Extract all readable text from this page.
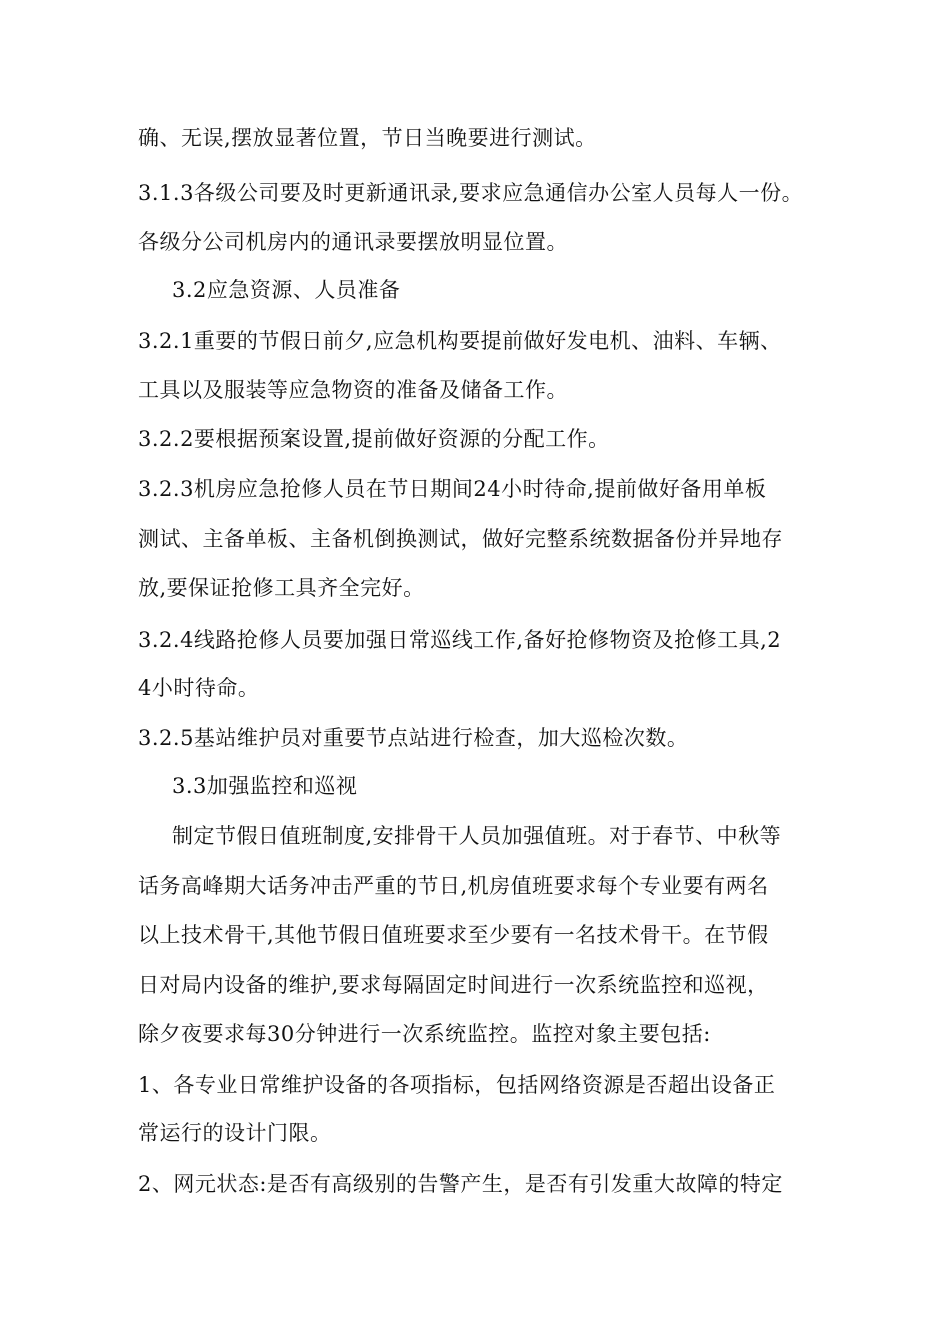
确、无误,摆放显著位置，节日当晚要进行测试。
3.1.3各级公司要及时更新通讯录,要求应急通信办公室人员每人一份。
各级分公司机房内的通讯录要摆放明显位置。
3.2应急资源、人员准备
3.2.1重要的节假日前夕,应急机构要提前做好发电机、油料、车辆、
工具以及服装等应急物资的准备及储备工作。
3.2.2要根据预案设置,提前做好资源的分配工作。
3.2.3机房应急抢修人员在节日期间24小时待命,提前做好备用单板
测试、主备单板、主备机倒换测试，做好完整系统数据备份并异地存
放,要保证抢修工具齐全完好。
3.2.4线路抢修人员要加强日常巡线工作,备好抢修物资及抢修工具,2
4小时待命。
3.2.5基站维护员对重要节点站进行检查，加大巡检次数。
3.3加强监控和巡视
制定节假日值班制度,安排骨干人员加强值班。对于春节、中秋等
话务高峰期大话务冲击严重的节日,机房值班要求每个专业要有两名
以上技术骨干,其他节假日值班要求至少要有一名技术骨干。在节假
日对局内设备的维护,要求每隔固定时间进行一次系统监控和巡视，
除夕夜要求每30分钟进行一次系统监控。监控对象主要包括:
1、各专业日常维护设备的各项指标，包括网络资源是否超出设备正
常运行的设计门限。
2、网元状态:是否有高级别的告警产生，是否有引发重大故障的特定
